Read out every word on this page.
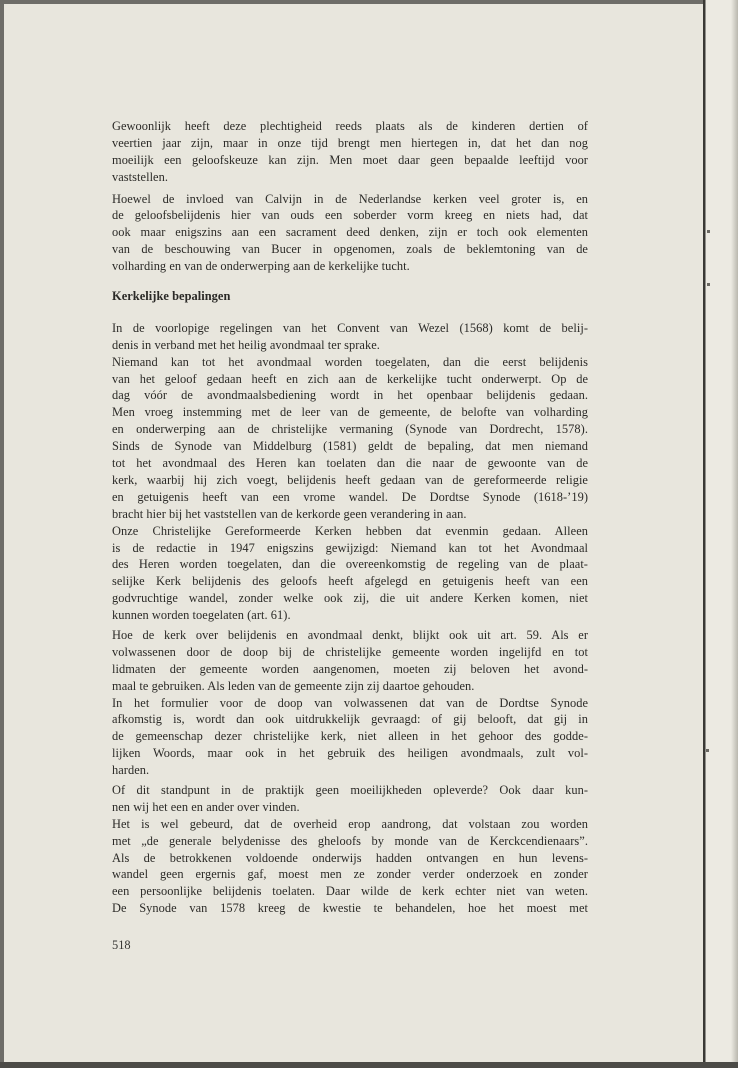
Gewoonlijk heeft deze plechtigheid reeds plaats als de kinderen dertien of
veertien jaar zijn, maar in onze tijd brengt men hiertegen in, dat het dan nog
moeilijk een geloofskeuze kan zijn. Men moet daar geen bepaalde leeftijd voor
vaststellen.
Hoewel de invloed van Calvijn in de Nederlandse kerken veel groter is, en
de geloofsbelijdenis hier van ouds een soberder vorm kreeg en niets had, dat
ook maar enigszins aan een sacrament deed denken, zijn er toch ook elementen
van de beschouwing van Bucer in opgenomen, zoals de beklemtoning van de
volharding en van de onderwerping aan de kerkelijke tucht.
Kerkelijke bepalingen
In de voorlopige regelingen van het Convent van Wezel (1568) komt de belij-
denis in verband met het heilig avondmaal ter sprake.
Niemand kan tot het avondmaal worden toegelaten, dan die eerst belijdenis
van het geloof gedaan heeft en zich aan de kerkelijke tucht onderwerpt. Op de
dag vóór de avondmaalsbediening wordt in het openbaar belijdenis gedaan.
Men vroeg instemming met de leer van de gemeente, de belofte van volharding
en onderwerping aan de christelijke vermaning (Synode van Dordrecht, 1578).
Sinds de Synode van Middelburg (1581) geldt de bepaling, dat men niemand
tot het avondmaal des Heren kan toelaten dan die naar de gewoonte van de
kerk, waarbij hij zich voegt, belijdenis heeft gedaan van de gereformeerde religie
en getuigenis heeft van een vrome wandel. De Dordtse Synode (1618-’19)
bracht hier bij het vaststellen van de kerkorde geen verandering in aan.
Onze Christelijke Gereformeerde Kerken hebben dat evenmin gedaan. Alleen
is de redactie in 1947 enigszins gewijzigd: Niemand kan tot het Avondmaal
des Heren worden toegelaten, dan die overeenkomstig de regeling van de plaat-
selijke Kerk belijdenis des geloofs heeft afgelegd en getuigenis heeft van een
godvruchtige wandel, zonder welke ook zij, die uit andere Kerken komen, niet
kunnen worden toegelaten (art. 61).
Hoe de kerk over belijdenis en avondmaal denkt, blijkt ook uit art. 59. Als er
volwassenen door de doop bij de christelijke gemeente worden ingelijfd en tot
lidmaten der gemeente worden aangenomen, moeten zij beloven het avond-
maal te gebruiken. Als leden van de gemeente zijn zij daartoe gehouden.
In het formulier voor de doop van volwassenen dat van de Dordtse Synode
afkomstig is, wordt dan ook uitdrukkelijk gevraagd: of gij belooft, dat gij in
de gemeenschap dezer christelijke kerk, niet alleen in het gehoor des godde-
lijken Woords, maar ook in het gebruik des heiligen avondmaals, zult vol-
harden.
Of dit standpunt in de praktijk geen moeilijkheden opleverde? Ook daar kun-
nen wij het een en ander over vinden.
Het is wel gebeurd, dat de overheid erop aandrong, dat volstaan zou worden
met „de generale belydenisse des gheloofs by monde van de Kerckcendienaars”.
Als de betrokkenen voldoende onderwijs hadden ontvangen en hun levens-
wandel geen ergernis gaf, moest men ze zonder verder onderzoek en zonder
een persoonlijke belijdenis toelaten. Daar wilde de kerk echter niet van weten.
De Synode van 1578 kreeg de kwestie te behandelen, hoe het moest met
518
